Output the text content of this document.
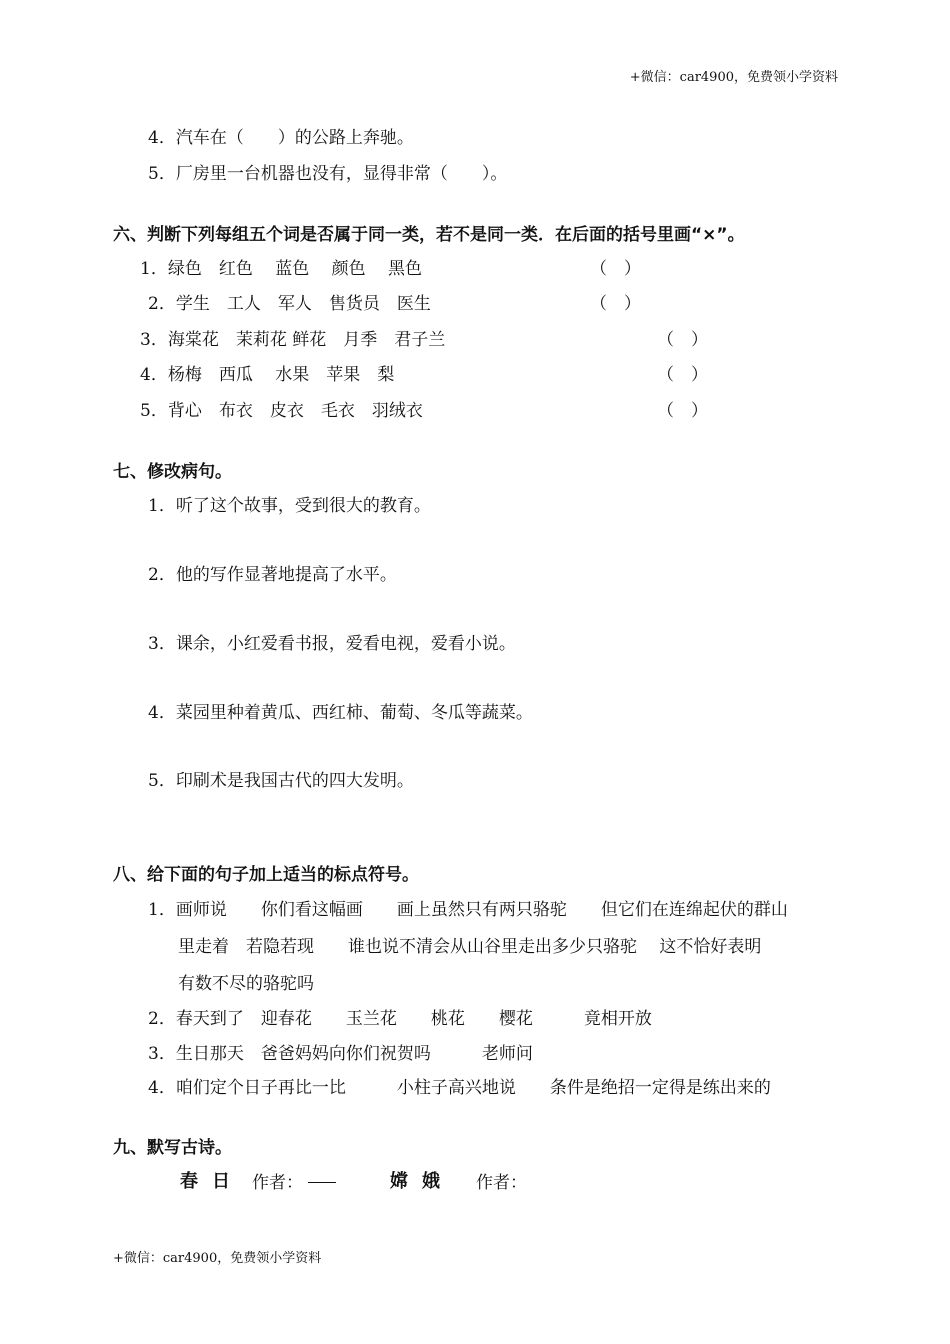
+微信：car4900，免费领小学资料
4．汽车在（　　）的公路上奔驰。
5．厂房里一台机器也没有，显得非常（　　）。
六、判断下列每组五个词是否属于同一类，若不是同一类．在后面的括号里画“×”。
1．绿色　红色　 蓝色　 颜色　 黑色	（　）
2．学生　工人　军人　售货员　医生	（　）
3．海棠花　茉莉花 鲜花　月季　君子兰	（　）
4．杨梅　西瓜　 水果　苹果　梨	（　）
5．背心　布衣　皮衣　毛衣　羽绒衣	（　）
七、修改病句。
1．听了这个故事，受到很大的教育。
2．他的写作显著地提高了水平。
3．课余，小红爱看书报，爱看电视，爱看小说。
4．菜园里种着黄瓜、西红柿、葡萄、冬瓜等蔬菜。
5．印刷术是我国古代的四大发明。
八、给下面的句子加上适当的标点符号。
1．画师说　　你们看这幅画　　画上虽然只有两只骆驼　　但它们在连绵起伏的群山
里走着　若隐若现　　谁也说不清会从山谷里走出多少只骆驼　 这不恰好表明
有数不尽的骆驼吗
2．春天到了　迎春花　　玉兰花　　桃花　　樱花　　　竟相开放
3．生日那天　爸爸妈妈向你们祝贺吗　　　老师问
4．咱们定个日子再比一比　　　小柱子高兴地说　　条件是绝招一定得是练出来的
九、默写古诗。
春日 作者：	嫦娥 作者：
+微信：car4900，免费领小学资料
